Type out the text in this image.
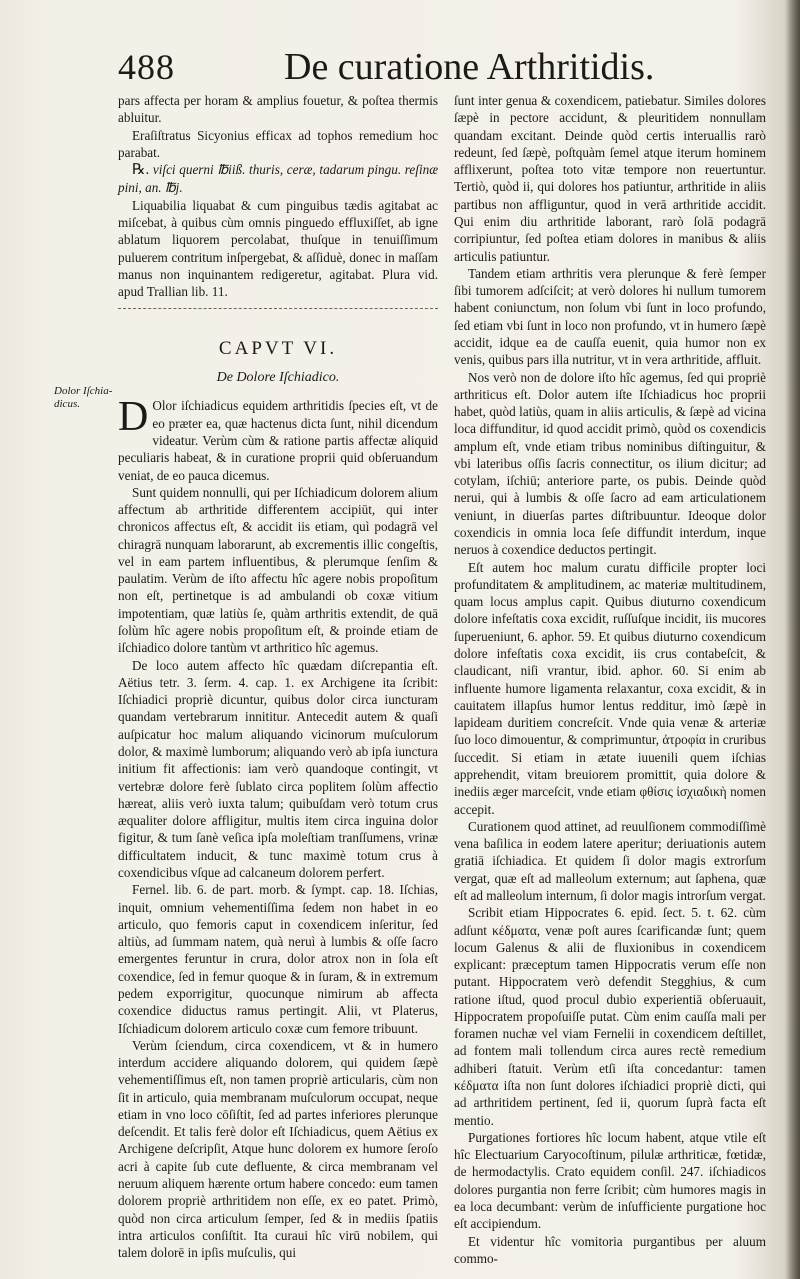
488	De curatione Arthritidis.
Dolor Iſchia-dicus.

pars affecta per horam & amplius fouetur, & poſtea thermis abluitur.

Eraſiſtratus Sicyonius efficax ad tophos remedium hoc parabat.

℞. viſci querni ℔iiß. thuris, ceræ, tadarum pingu. reſinæ pini, an. ℔j.

Liquabilia liquabat & cum pinguibus tædis agitabat ac miſcebat, à quibus cùm omnis pinguedo effluxiſſet, ab igne ablatum liquorem percolabat, thuſque in tenuiſſimum puluerem contritum inſpergebat, & aſſiduè, donec in maſſam manus non inquinantem redigeretur, agitabat. Plura vid. apud Trallian lib. 11.

CAPVT VI.
De Dolore Iſchiadico.

D Olor iſchiadicus equidem arthritidis ſpecies eſt, vt de eo præter ea, quæ hactenus dicta ſunt, nihil dicendum videatur. Verùm cùm & ratione partis affectæ aliquid peculiaris habeat, & in curatione proprii quid obſeruandum veniat, de eo pauca dicemus.

Sunt quidem nonnulli, qui per Iſchiadicum dolorem alium affectum ab arthritide differentem accipiūt, qui inter chronicos affectus eſt, & accidit iis etiam, quì podagrā vel chiragrā nunquam laborarunt, ab excrementis illic congeſtis, vel in eam partem influentibus, & plerumque ſenſim & paulatim. Verùm de iſto affectu hîc agere nobis propoſitum non eſt, pertinetque is ad ambulandi ob coxæ vitium impotentiam, quæ latiùs ſe, quàm arthritis extendit, de quā ſolùm hîc agere nobis propoſitum eſt, & proinde etiam de iſchiadico dolore tantùm vt arthritico hîc agemus.

De loco autem affecto hîc quædam diſcrepantia eſt. Aëtius tetr. 3. ſerm. 4. cap. 1. ex Archigene ita ſcribit: Iſchiadici propriè dicuntur, quibus dolor circa iuncturam quandam vertebrarum innititur. Antecedit autem & quaſi auſpicatur hoc malum aliquando vicinorum muſculorum dolor, & maximè lumborum; aliquando verò ab ipſa iunctura initium fit affectionis: iam verò quandoque contingit, vt vertebræ dolore ferè ſublato circa poplitem ſolùm affectio hæreat, aliis verò iuxta talum; quibuſdam verò totum crus æqualiter dolore affligitur, multis item circa inguina dolor figitur, & tum ſanè veſica ipſa moleſtiam tranſſumens, vrinæ difficultatem inducit, & tunc maximè totum crus à coxendicibus vſque ad calcaneum dolorem perfert.

Fernel. lib. 6. de part. morb. & ſympt. cap. 18. Iſchias, inquit, omnium vehementiſſima ſedem non habet in eo articulo, quo femoris caput in coxendicem inſeritur, ſed altiùs, ad ſummam natem, quà neruì à lumbis & oſſe ſacro emergentes feruntur in crura, dolor atrox non in ſola eſt coxendice, ſed in femur quoque & in ſuram, & in extremum pedem exporrigitur, quocunque nimirum ab affecta coxendice diductus ramus pertingit. Alii, vt Platerus, Iſchiadicum dolorem articulo coxæ cum femore tribuunt.

Verùm ſciendum, circa coxendicem, vt & in humero interdum accidere aliquando dolorem, qui quidem ſæpè vehementiſſimus eſt, non tamen propriè articularis, cùm non ſit in articulo, quia membranam muſculorum occupat, neque etiam in vno loco cōſiſtit, ſed ad partes inferiores plerunque deſcendit. Et talis ferè dolor eſt Iſchiadicus, quem Aëtius ex Archigene deſcripſit, Atque hunc dolorem ex humore ſeroſo acri à capite ſub cute defluente, & circa membranam vel neruum aliquem hærente ortum habere concedo: eum tamen dolorem propriè arthritidem non eſſe, ex eo patet. Primò, quòd non circa articulum ſemper, ſed & in mediis ſpatiis intra articulos conſiſtit. Ita curaui hîc virū nobilem, qui talem dolorē in ipſis muſculis, qui

ſunt inter genua & coxendicem, patiebatur. Similes dolores ſæpè in pectore accidunt, & pleuritidem nonnullam quandam excitant. Deinde quòd certis interuallis rarò redeunt, ſed ſæpè, poſtquàm ſemel atque iterum hominem afflixerunt, poſtea toto vitæ tempore non reuertuntur. Tertiò, quòd ii, qui dolores hos patiuntur, arthritide in aliis partibus non affliguntur, quod in verā arthritide accidit. Qui enim diu arthritide laborant, rarò ſolā podagrā corripiuntur, ſed poſtea etiam dolores in manibus & aliis articulis patiuntur.

Tandem etiam arthritis vera plerunque & ferè ſemper ſibi tumorem adſciſcit; at verò dolores hi nullum tumorem habent coniunctum, non ſolum vbi ſunt in loco profundo, ſed etiam vbi ſunt in loco non profundo, vt in humero ſæpè accidit, idque ea de cauſſa euenit, quia humor non ex venis, quibus pars illa nutritur, vt in vera arthritide, affluit.

Nos verò non de dolore iſto hîc agemus, ſed qui propriè arthriticus eſt. Dolor autem iſte Iſchiadicus hoc proprii habet, quòd latiùs, quam in aliis articulis, & ſæpè ad vicina loca diffunditur, id quod accidit primò, quòd os coxendicis amplum eſt, vnde etiam tribus nominibus diſtinguitur, & vbi lateribus oſſis ſacris connectitur, os ilium dicitur; ad cotylam, iſchiū; anteriore parte, os pubis. Deinde quòd nerui, qui à lumbis & oſſe ſacro ad eam articulationem veniunt, in diuerſas partes diſtribuuntur. Ideoque dolor coxendicis in omnia loca ſeſe diffundit interdum, inque neruos à coxendice deductos pertingit.

Eſt autem hoc malum curatu difficile propter loci profunditatem & amplitudinem, ac materiæ multitudinem, quam locus amplus capit. Quibus diuturno coxendicum dolore infeſtatis coxa excidit, ruſſuſque incidit, iis mucores ſuperueniunt, 6. aphor. 59. Et quibus diuturno coxendicum dolore infeſtatis coxa excidit, iis crus contabeſcit, & claudicant, niſi vrantur, ibid. aphor. 60. Si enim ab influente humore ligamenta relaxantur, coxa excidit, & in cauitatem illapſus humor lentus redditur, imò ſæpè in lapideam duritiem concreſcit. Vnde quia venæ & arteriæ ſuo loco dimouentur, & comprimuntur, ἀτροφία in cruribus ſuccedit. Si etiam in ætate iuuenili quem iſchias apprehendit, vitam breuiorem promittit, quia dolore & inediis æger marceſcit, vnde etiam φθίσις ἰσχιαδικὴ nomen accepit.

Curationem quod attinet, ad reuulſionem commodiſſimè vena baſilica in eodem latere aperitur; deriuationis autem gratiā iſchiadica. Et quidem ſi dolor magis extrorſum vergat, quæ eſt ad malleolum externum; aut ſaphena, quæ eſt ad malleolum internum, ſi dolor magis introrſum vergat.

Scribit etiam Hippocrates 6. epid. ſect. 5. t. 62. cùm adſunt κέδματα, venæ poſt aures ſcarificandæ ſunt; quem locum Galenus & alii de fluxionibus in coxendicem explicant: præceptum tamen Hippocratis verum eſſe non putant. Hippocratem verò defendit Stegghius, & cum ratione iſtud, quod procul dubio experientiā obſeruauit, Hippocratem propoſuiſſe putat. Cùm enim cauſſa mali per foramen nuchæ vel viam Fernelii in coxendicem deſtillet, ad fontem mali tollendum circa aures rectè remedium adhiberi ſtatuit. Verùm etſi iſta concedantur: tamen κέδματα iſta non ſunt dolores iſchiadici propriè dicti, qui ad arthritidem pertinent, ſed ii, quorum ſuprà facta eſt mentio.

Purgationes fortiores hîc locum habent, atque vtile eſt hîc Electuarium Caryocoſtinum, pilulæ arthriticæ, fœtidæ, de hermodactylis. Crato equidem conſil. 247. iſchiadicos dolores purgantia non ferre ſcribit; cùm humores magis in ea loca decumbant: verùm de inſufficiente purgatione hoc eſt accipiendum.

Et videntur hîc vomitoria purgantibus per aluum commo-
